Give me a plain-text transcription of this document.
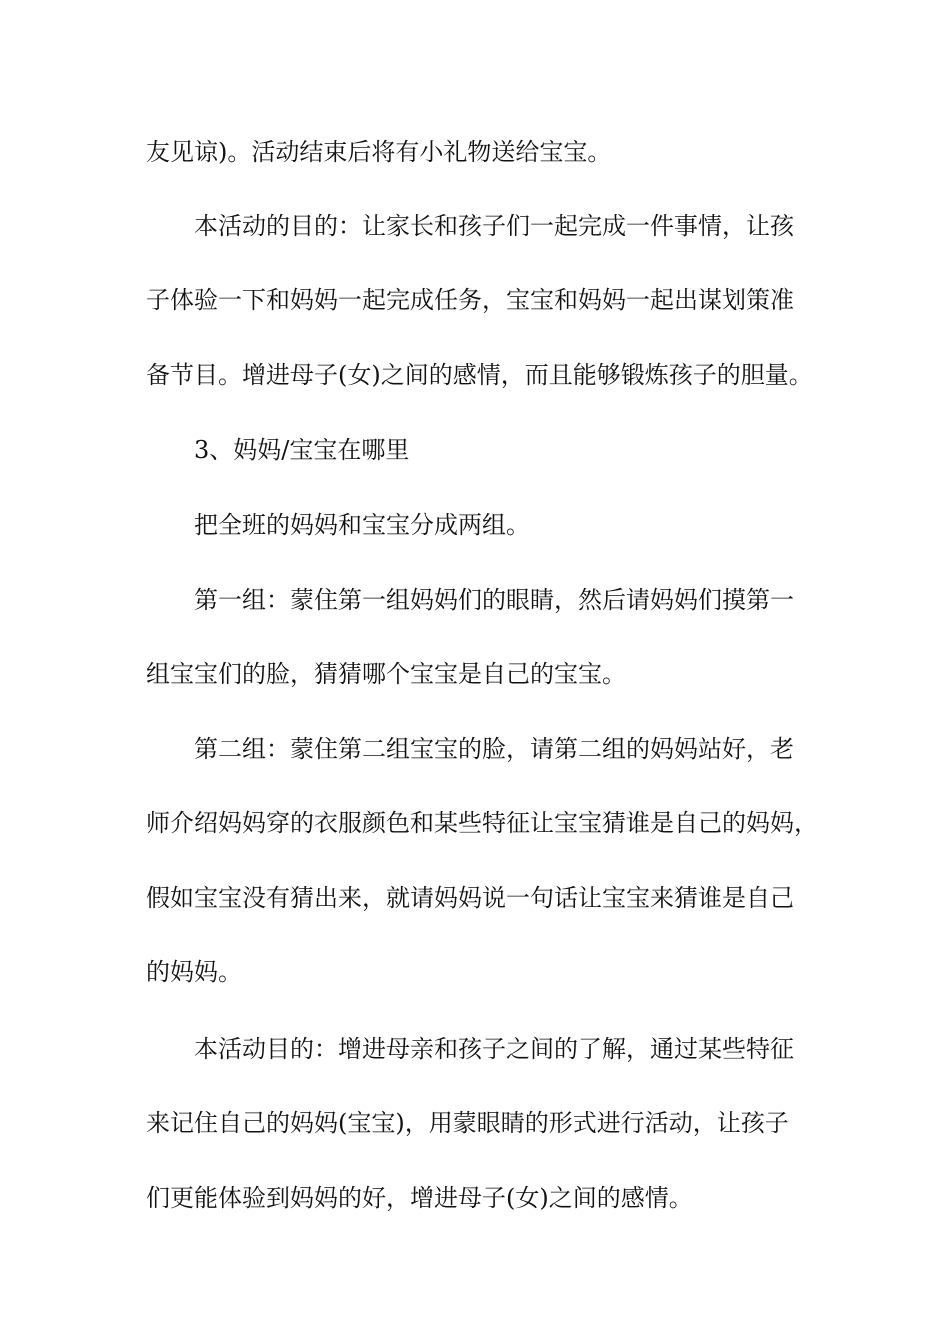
友见谅)。活动结束后将有小礼物送给宝宝。

本活动的目的：让家长和孩子们一起完成一件事情，让孩

子体验一下和妈妈一起完成任务，宝宝和妈妈一起出谋划策准

备节目。增进母子(女)之间的感情，而且能够锻炼孩子的胆量。

3、妈妈/宝宝在哪里

把全班的妈妈和宝宝分成两组。

第一组：蒙住第一组妈妈们的眼睛，然后请妈妈们摸第一

组宝宝们的脸，猜猜哪个宝宝是自己的宝宝。

第二组：蒙住第二组宝宝的脸，请第二组的妈妈站好，老

师介绍妈妈穿的衣服颜色和某些特征让宝宝猜谁是自己的妈妈，

假如宝宝没有猜出来，就请妈妈说一句话让宝宝来猜谁是自己

的妈妈。

本活动目的：增进母亲和孩子之间的了解，通过某些特征

来记住自己的妈妈(宝宝)，用蒙眼睛的形式进行活动，让孩子

们更能体验到妈妈的好，增进母子(女)之间的感情。
